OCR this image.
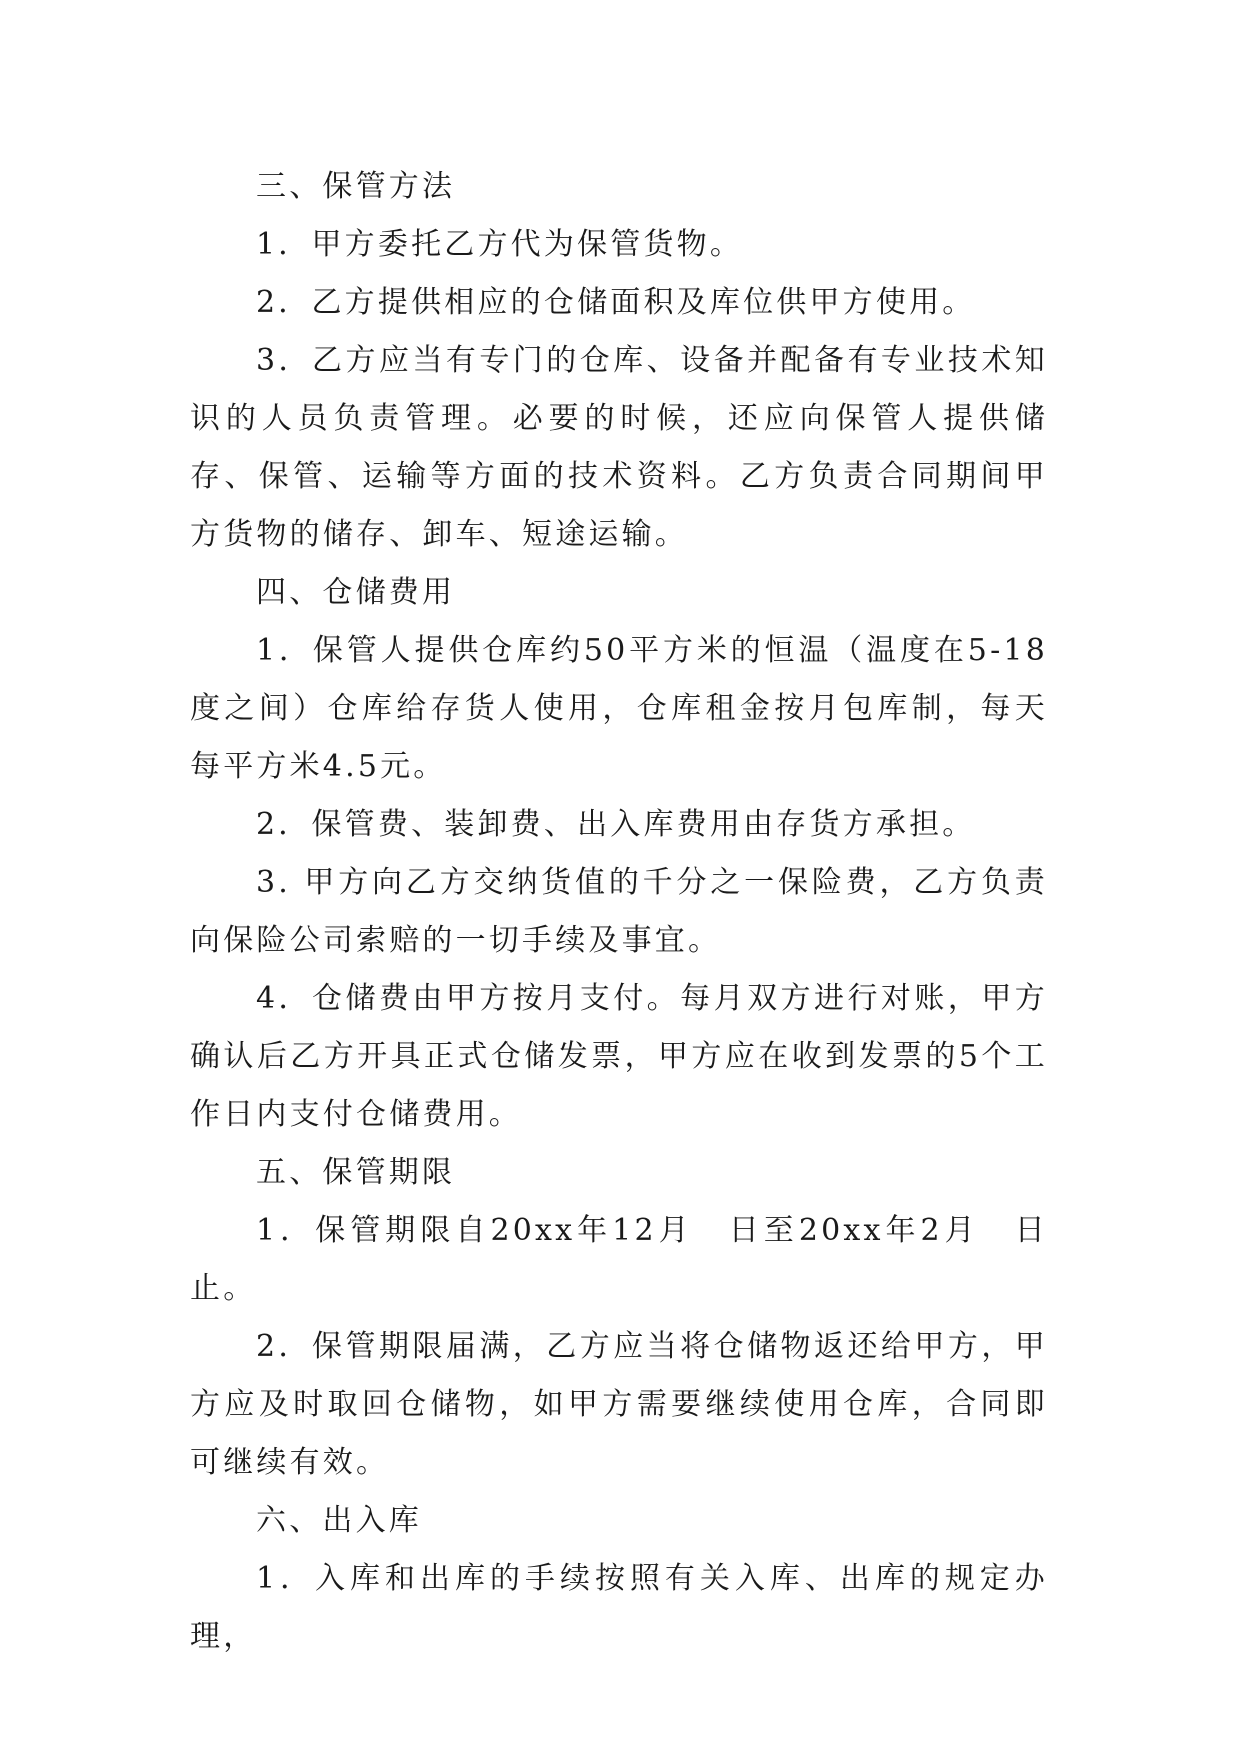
三、保管方法

1．甲方委托乙方代为保管货物。

2．乙方提供相应的仓储面积及库位供甲方使用。

3．乙方应当有专门的仓库、设备并配备有专业技术知识的人员负责管理。必要的时候，还应向保管人提供储存、保管、运输等方面的技术资料。乙方负责合同期间甲方货物的储存、卸车、短途运输。

四、仓储费用

1．保管人提供仓库约50平方米的恒温（温度在5-18度之间）仓库给存货人使用，仓库租金按月包库制，每天每平方米4.5元。

2．保管费、装卸费、出入库费用由存货方承担。

3. 甲方向乙方交纳货值的千分之一保险费，乙方负责向保险公司索赔的一切手续及事宜。

4．仓储费由甲方按月支付。每月双方进行对账，甲方确认后乙方开具正式仓储发票，甲方应在收到发票的5个工作日内支付仓储费用。

五、保管期限

1．保管期限自20xx年12月　日至20xx年2月　日止。

2．保管期限届满，乙方应当将仓储物返还给甲方，甲方应及时取回仓储物，如甲方需要继续使用仓库，合同即可继续有效。

六、出入库

1．入库和出库的手续按照有关入库、出库的规定办理，
